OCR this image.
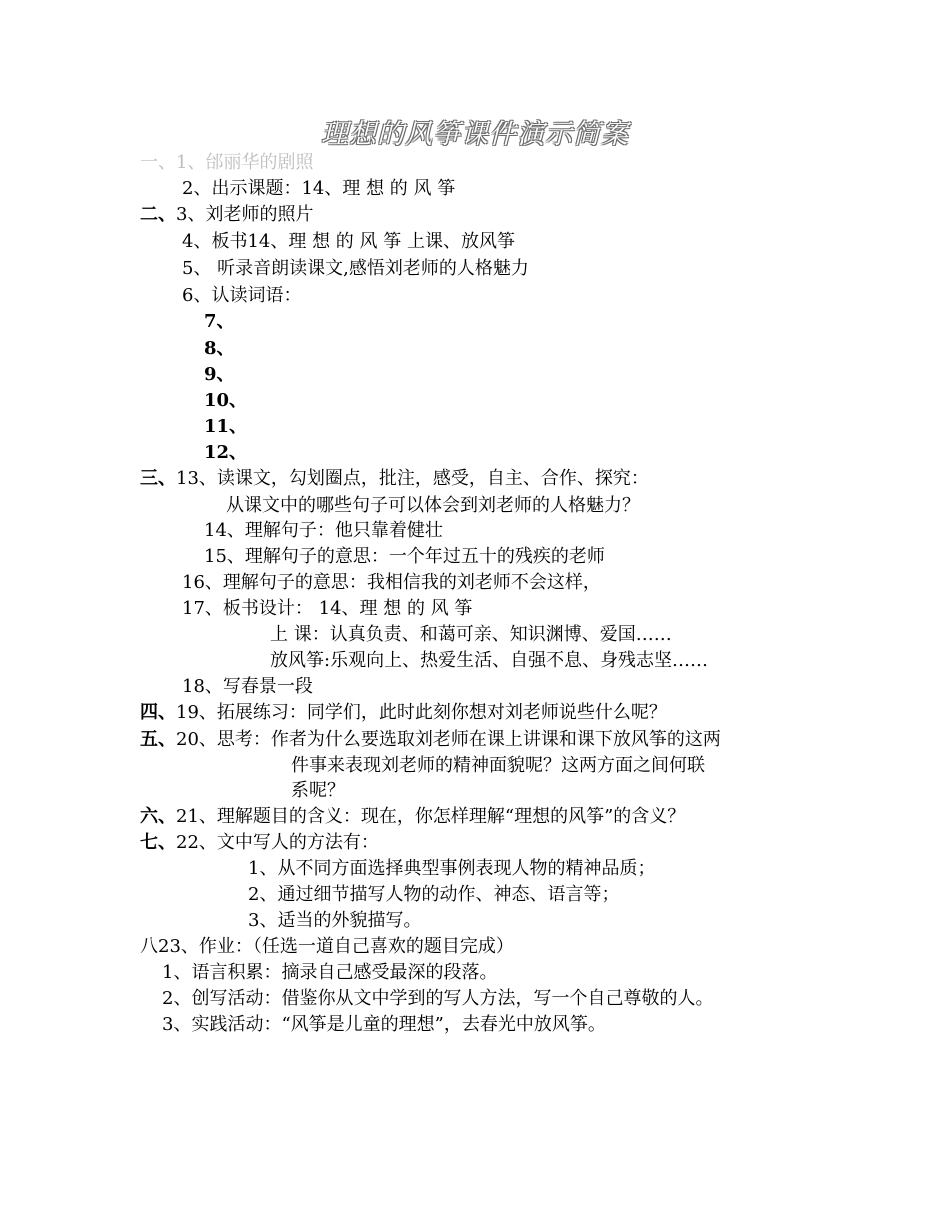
理想的风筝课件演示简案
一、1、邰丽华的剧照
2、出示课题：14、理 想 的 风 筝
二、3、刘老师的照片
4、板书14、理 想 的 风 筝 上课、放风筝
5、 听录音朗读课文,感悟刘老师的人格魅力
6、认读词语：
7、
8、
9、
10、
11、
12、
三、13、读课文，勾划圈点，批注，感受，自主、合作、探究：
从课文中的哪些句子可以体会到刘老师的人格魅力？
14、理解句子：他只靠着健壮
15、理解句子的意思：一个年过五十的残疾的老师
16、理解句子的意思：我相信我的刘老师不会这样，
17、板书设计： 14、理 想 的 风 筝
上 课：认真负责、和蔼可亲、知识渊博、爱国……
放风筝:乐观向上、热爱生活、自强不息、身残志坚……
18、写春景一段
四、19、拓展练习：同学们，此时此刻你想对刘老师说些什么呢？
五、20、思考：作者为什么要选取刘老师在课上讲课和课下放风筝的这两
件事来表现刘老师的精神面貌呢？这两方面之间何联
系呢？
六、21、理解题目的含义：现在，你怎样理解“理想的风筝”的含义？
七、22、文中写人的方法有：
1、从不同方面选择典型事例表现人物的精神品质；
2、通过细节描写人物的动作、神态、语言等；
3、适当的外貌描写。
八23、作业：（任选一道自己喜欢的题目完成）
1、语言积累：摘录自己感受最深的段落。
2、创写活动：借鉴你从文中学到的写人方法，写一个自己尊敬的人。
3、实践活动：“风筝是儿童的理想”，去春光中放风筝。
